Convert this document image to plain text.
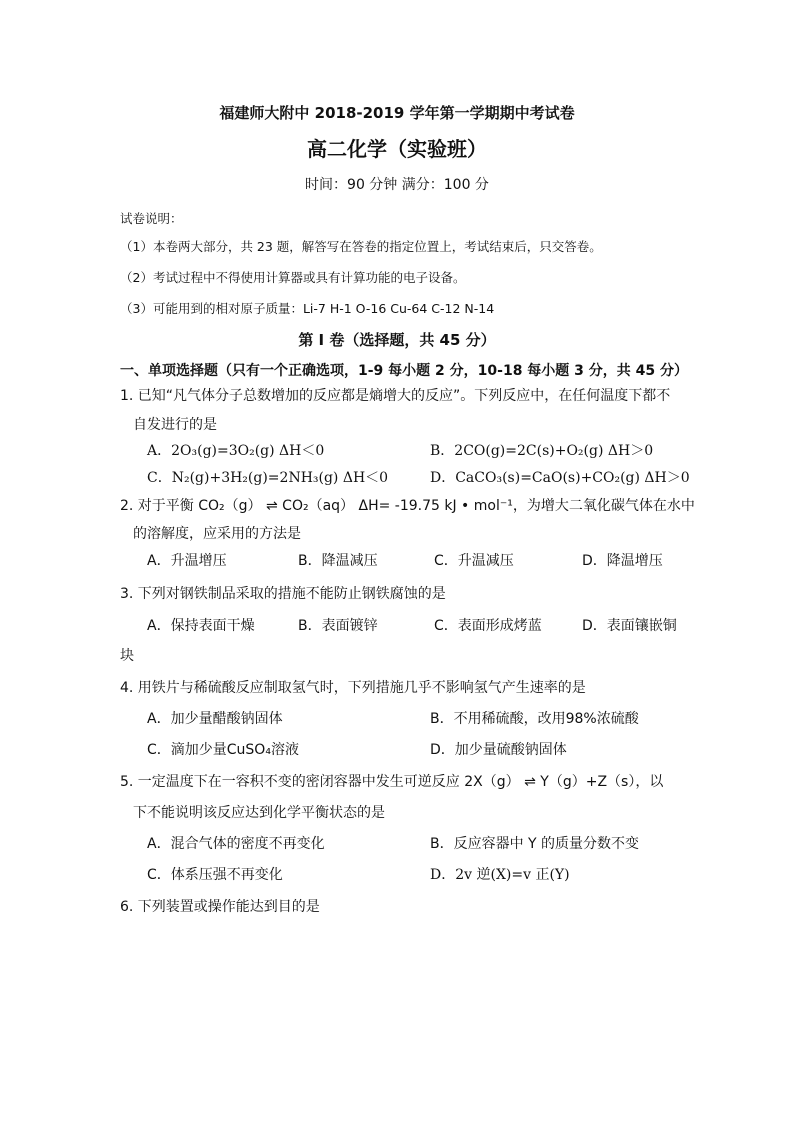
福建师大附中 2018-2019 学年第一学期期中考试卷
高二化学（实验班）
时间：90 分钟 满分：100 分
试卷说明：
（1）本卷两大部分，共 23 题，解答写在答卷的指定位置上，考试结束后，只交答卷。
（2）考试过程中不得使用计算器或具有计算功能的电子设备。
（3）可能用到的相对原子质量：Li-7 H-1 O-16 Cu-64 C-12 N-14
第 I 卷（选择题，共 45 分）
一、单项选择题（只有一个正确选项，1-9 每小题 2 分，10-18 每小题 3 分，共 45 分）
1. 已知“凡气体分子总数增加的反应都是熵增大的反应”。下列反应中，在任何温度下都不
自发进行的是
A．2O₃(g)=3O₂(g) ΔH＜0	B．2CO(g)=2C(s)+O₂(g) ΔH＞0
C．N₂(g)+3H₂(g)=2NH₃(g) ΔH＜0	D．CaCO₃(s)=CaO(s)+CO₂(g) ΔH＞0
2. 对于平衡 CO₂（g） ⇌ CO₂（aq） ΔH= -19.75 kJ • mol⁻¹，为增大二氧化碳气体在水中
的溶解度，应采用的方法是
A．升温增压	B．降温减压	C．升温减压	D．降温增压
3. 下列对钢铁制品采取的措施不能防止钢铁腐蚀的是
A．保持表面干燥	B．表面镀锌	C．表面形成烤蓝	D．表面镶嵌铜
块
4. 用铁片与稀硫酸反应制取氢气时，下列措施几乎不影响氢气产生速率的是
A．加少量醋酸钠固体	B．不用稀硫酸，改用98%浓硫酸
C．滴加少量CuSO₄溶液	D．加少量硫酸钠固体
5. 一定温度下在一容积不变的密闭容器中发生可逆反应 2X（g） ⇌ Y（g）+Z（s），以
下不能说明该反应达到化学平衡状态的是
A．混合气体的密度不再变化	B．反应容器中 Y 的质量分数不变
C．体系压强不再变化	D．2v 逆(X)=v 正(Y)
6. 下列装置或操作能达到目的是
